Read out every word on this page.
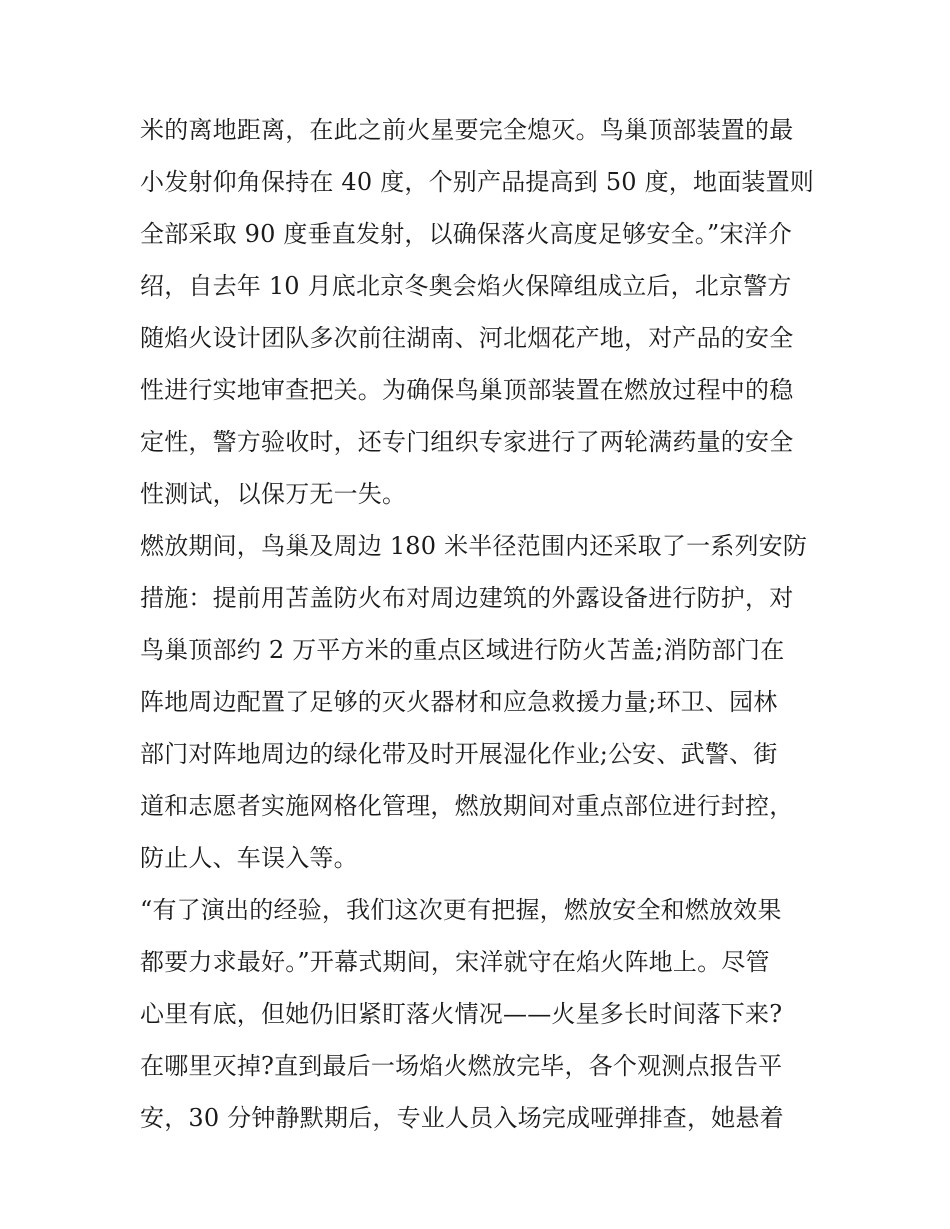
米的离地距离，在此之前火星要完全熄灭。鸟巢顶部装置的最
小发射仰角保持在 40 度，个别产品提高到 50 度，地面装置则
全部采取 90 度垂直发射，以确保落火高度足够安全。”宋洋介
绍，自去年 10 月底北京冬奥会焰火保障组成立后，北京警方
随焰火设计团队多次前往湖南、河北烟花产地，对产品的安全
性进行实地审查把关。为确保鸟巢顶部装置在燃放过程中的稳
定性，警方验收时，还专门组织专家进行了两轮满药量的安全
性测试，以保万无一失。
燃放期间，鸟巢及周边 180 米半径范围内还采取了一系列安防
措施：提前用苫盖防火布对周边建筑的外露设备进行防护，对
鸟巢顶部约 2 万平方米的重点区域进行防火苫盖;消防部门在
阵地周边配置了足够的灭火器材和应急救援力量;环卫、园林
部门对阵地周边的绿化带及时开展湿化作业;公安、武警、街
道和志愿者实施网格化管理，燃放期间对重点部位进行封控，
防止人、车误入等。
“有了演出的经验，我们这次更有把握，燃放安全和燃放效果
都要力求最好。”开幕式期间，宋洋就守在焰火阵地上。尽管
心里有底，但她仍旧紧盯落火情况——火星多长时间落下来?
在哪里灭掉?直到最后一场焰火燃放完毕，各个观测点报告平
安，30 分钟静默期后，专业人员入场完成哑弹排查，她悬着
